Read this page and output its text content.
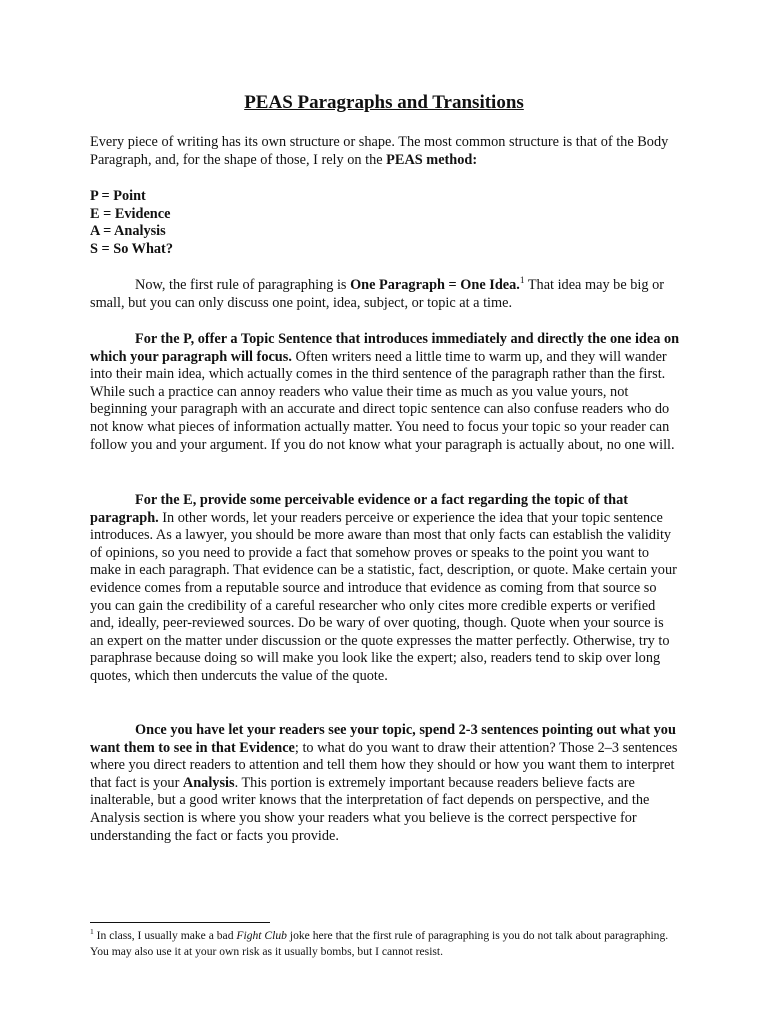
PEAS Paragraphs and Transitions

Every piece of writing has its own structure or shape. The most common structure is that of the Body Paragraph, and, for the shape of those, I rely on the PEAS method:

P = Point
E = Evidence
A = Analysis
S = So What?

Now, the first rule of paragraphing is One Paragraph = One Idea.$^1$ That idea may be big or small, but you can only discuss one point, idea, subject, or topic at a time.

For the P, offer a Topic Sentence that introduces immediately and directly the one idea on which your paragraph will focus. Often writers need a little time to warm up, and they will wander into their main idea, which actually comes in the third sentence of the paragraph rather than the first. While such a practice can annoy readers who value their time as much as you value yours, not beginning your paragraph with an accurate and direct topic sentence can also confuse readers who do not know what pieces of information actually matter. You need to focus your topic so your reader can follow you and your argument. If you do not know what your paragraph is actually about, no one will.

For the E, provide some perceivable evidence or a fact regarding the topic of that paragraph. In other words, let your readers perceive or experience the idea that your topic sentence introduces. As a lawyer, you should be more aware than most that only facts can establish the validity of opinions, so you need to provide a fact that somehow proves or speaks to the point you want to make in each paragraph. That evidence can be a statistic, fact, description, or quote. Make certain your evidence comes from a reputable source and introduce that evidence as coming from that source so you can gain the credibility of a careful researcher who only cites more credible experts or verified and, ideally, peer-reviewed sources. Do be wary of over quoting, though. Quote when your source is an expert on the matter under discussion or the quote expresses the matter perfectly. Otherwise, try to paraphrase because doing so will make you look like the expert; also, readers tend to skip over long quotes, which then undercuts the value of the quote.

Once you have let your readers see your topic, spend 2-3 sentences pointing out what you want them to see in that Evidence; to what do you want to draw their attention? Those 2–3 sentences where you direct readers to attention and tell them how they should or how you want them to interpret that fact is your Analysis. This portion is extremely important because readers believe facts are inalterable, but a good writer knows that the interpretation of fact depends on perspective, and the Analysis section is where you show your readers what you believe is the correct perspective for understanding the fact or facts you provide.

$^1$ In class, I usually make a bad Fight Club joke here that the first rule of paragraphing is you do not talk about paragraphing. You may also use it at your own risk as it usually bombs, but I cannot resist.
